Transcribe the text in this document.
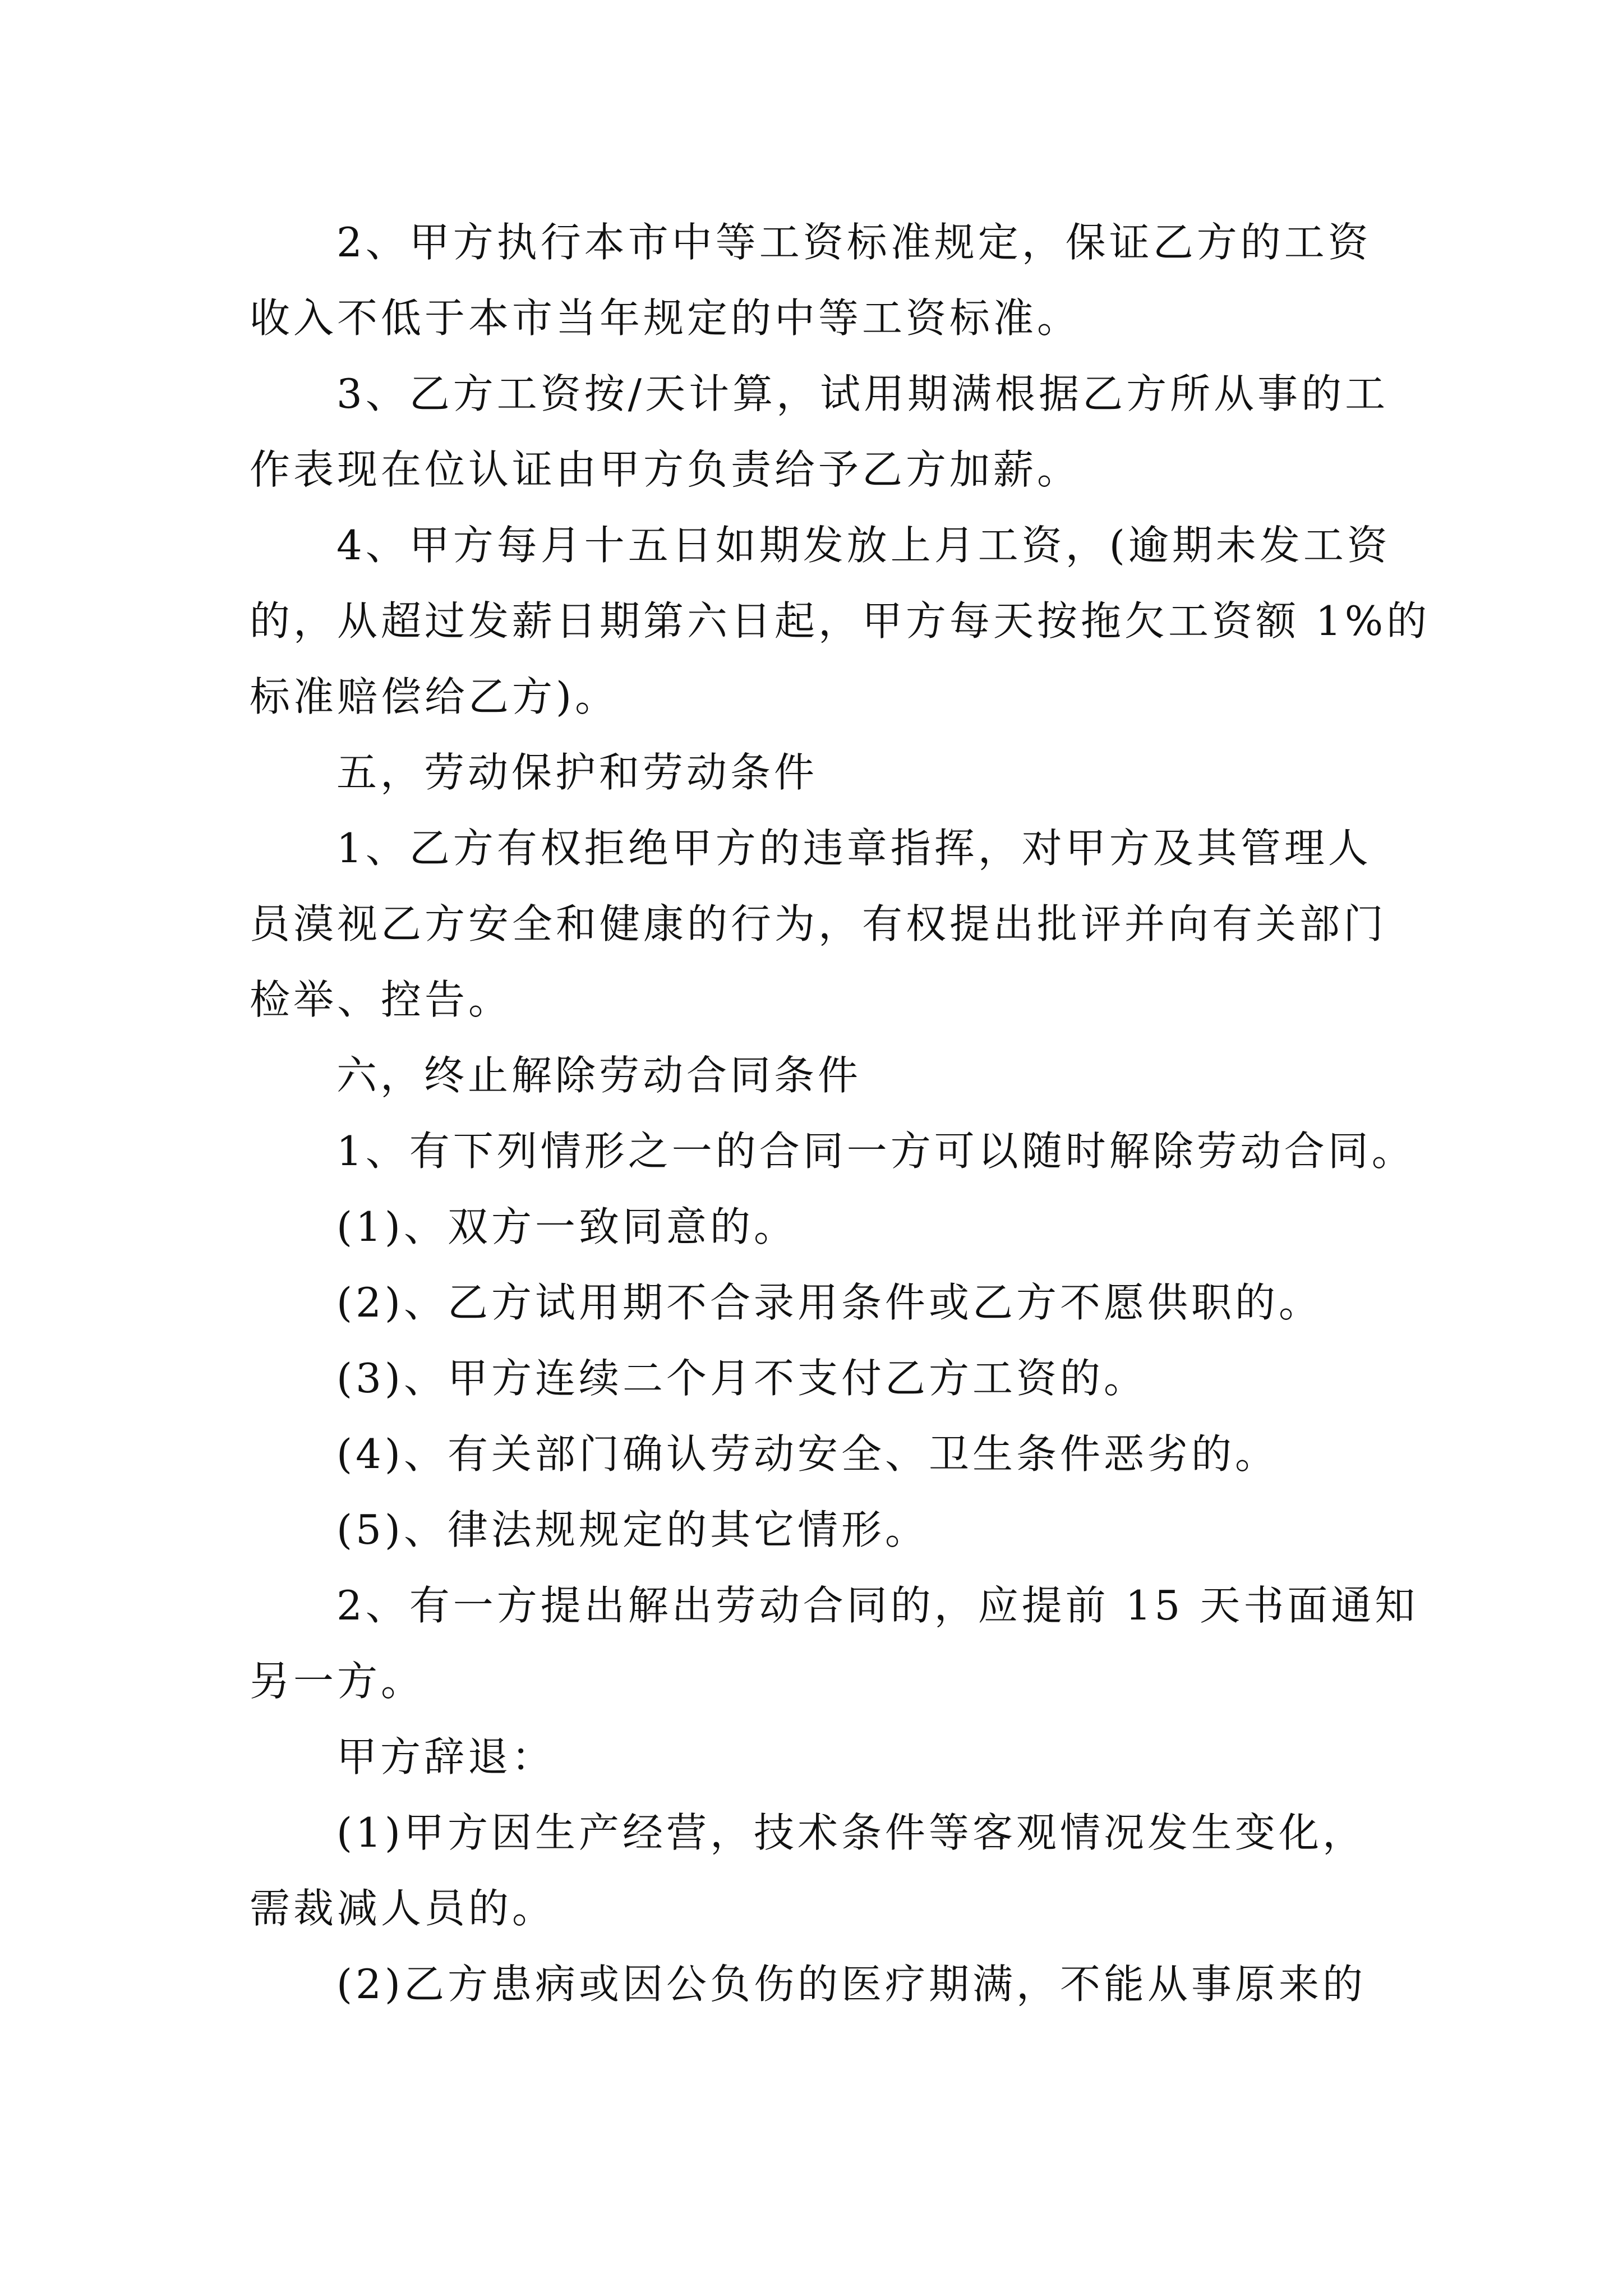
2、甲方执行本市中等工资标准规定，保证乙方的工资

收入不低于本市当年规定的中等工资标准。

3、乙方工资按/天计算，试用期满根据乙方所从事的工

作表现在位认证由甲方负责给予乙方加薪。

4、甲方每月十五日如期发放上月工资，(逾期未发工资

的，从超过发薪日期第六日起，甲方每天按拖欠工资额 1%的

标准赔偿给乙方)。

五，劳动保护和劳动条件

1、乙方有权拒绝甲方的违章指挥，对甲方及其管理人

员漠视乙方安全和健康的行为，有权提出批评并向有关部门

检举、控告。

六，终止解除劳动合同条件

1、有下列情形之一的合同一方可以随时解除劳动合同。

(1)、双方一致同意的。

(2)、乙方试用期不合录用条件或乙方不愿供职的。

(3)、甲方连续二个月不支付乙方工资的。

(4)、有关部门确认劳动安全、卫生条件恶劣的。

(5)、律法规规定的其它情形。

2、有一方提出解出劳动合同的，应提前 15 天书面通知

另一方。

甲方辞退：

(1)甲方因生产经营，技术条件等客观情况发生变化，

需裁减人员的。

(2)乙方患病或因公负伤的医疗期满，不能从事原来的
